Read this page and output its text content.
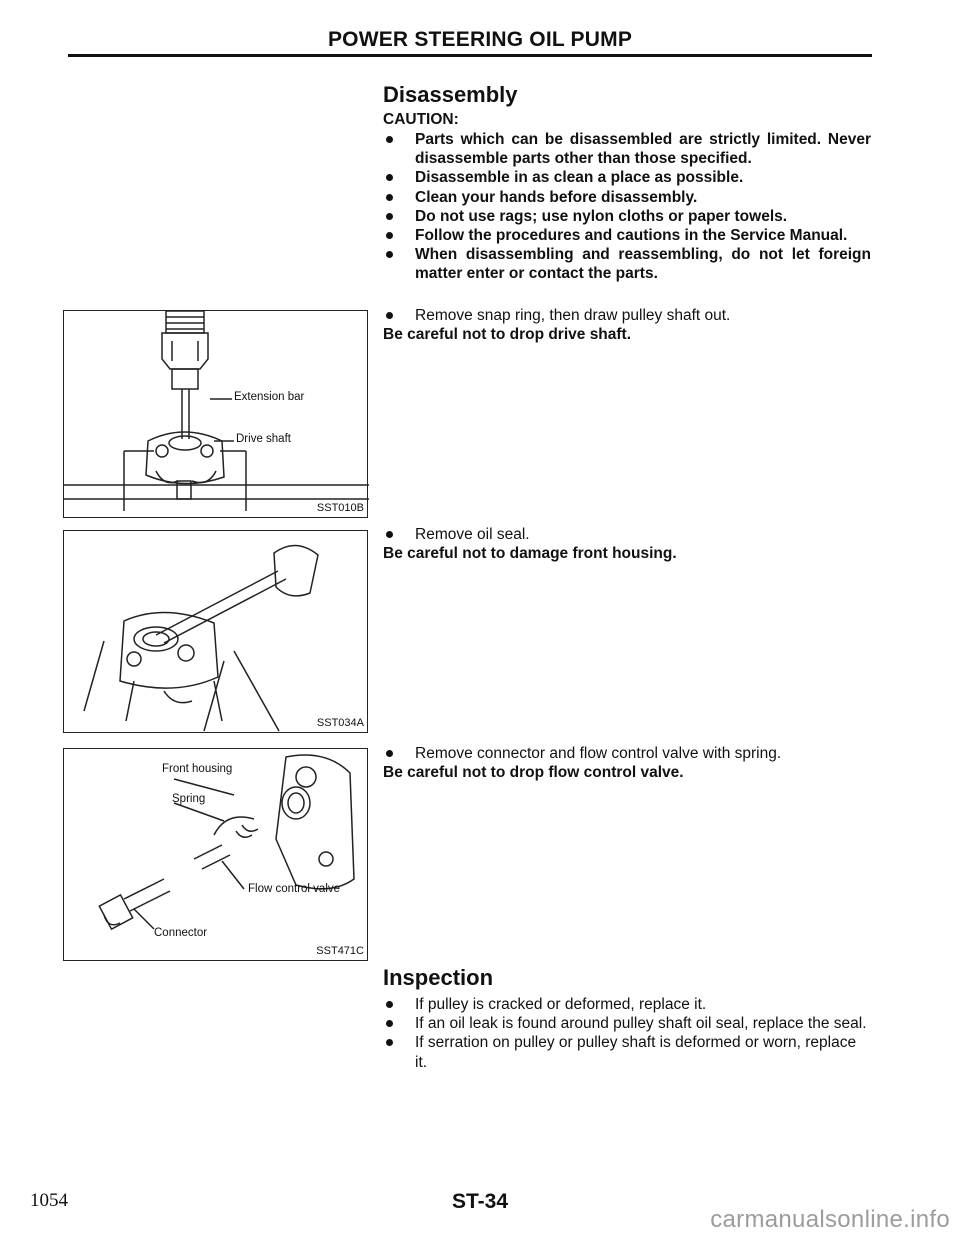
POWER STEERING OIL PUMP
Disassembly
CAUTION:
Parts which can be disassembled are strictly limited. Never disassemble parts other than those specified.
Disassemble in as clean a place as possible.
Clean your hands before disassembly.
Do not use rags; use nylon cloths or paper towels.
Follow the procedures and cautions in the Service Manual.
When disassembling and reassembling, do not let foreign matter enter or contact the parts.
Remove snap ring, then draw pulley shaft out.
Be careful not to drop drive shaft.
Extension bar
Drive shaft
SST010B
Remove oil seal.
Be careful not to damage front housing.
SST034A
Remove connector and flow control valve with spring.
Be careful not to drop flow control valve.
Front housing
Spring
Flow control valve
Connector
SST471C
Inspection
If pulley is cracked or deformed, replace it.
If an oil leak is found around pulley shaft oil seal, replace the seal.
If serration on pulley or pulley shaft is deformed or worn, replace it.
1054	ST-34
carmanualsonline.info
